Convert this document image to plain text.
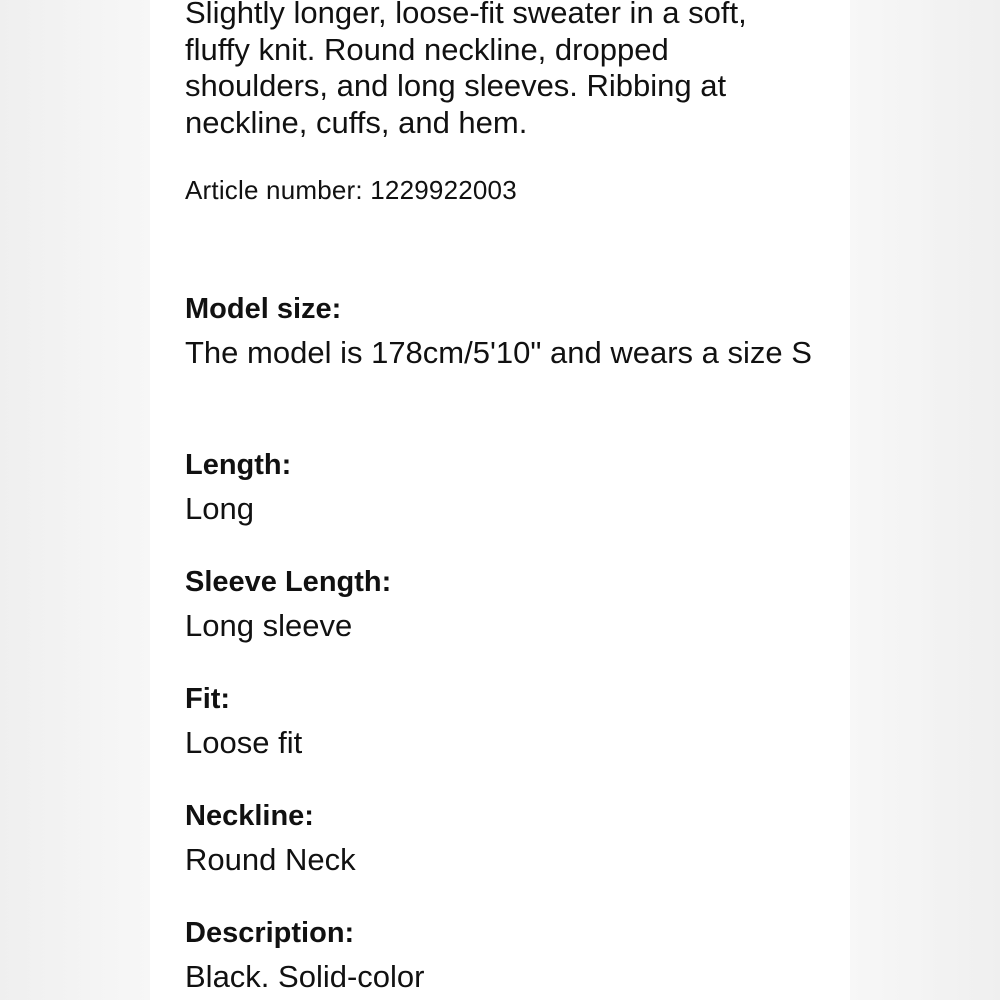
Slightly longer, loose-fit sweater in a soft, fluffy knit. Round neckline, dropped shoulders, and long sleeves. Ribbing at neckline, cuffs, and hem.

Article number: 1229922003

Model size:
The model is 178cm/5'10" and wears a size S
Length:
Long
Sleeve Length:
Long sleeve
Fit:
Loose fit
Neckline:
Round Neck
Description:
Black. Solid-color
